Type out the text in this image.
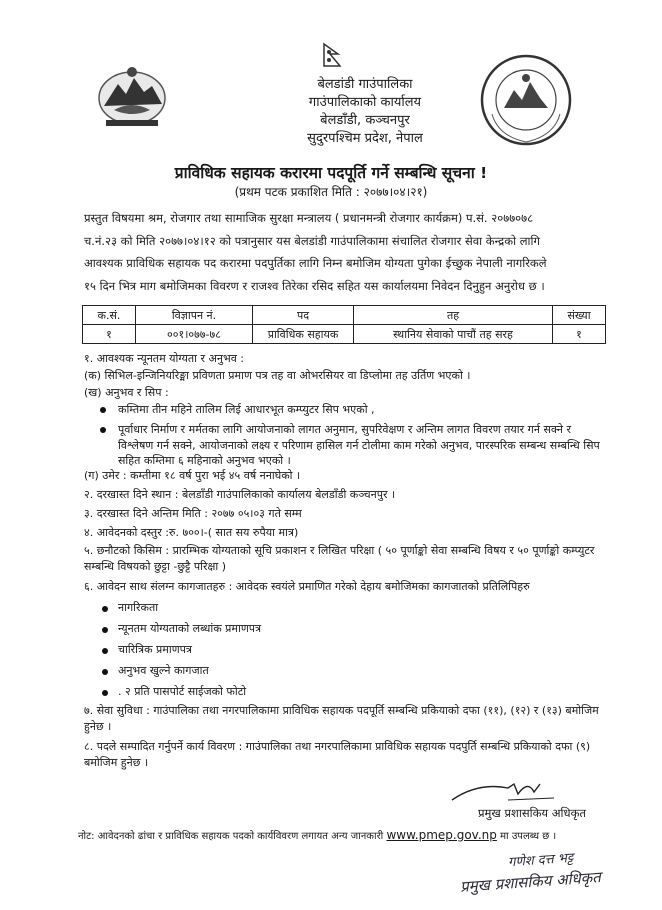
बेलडांडी गाउंपालिका
गाउंपालिकाको कार्यालय
बेलडाँडी, कञ्चनपुर
सुदुरपश्चिम प्रदेश, नेपाल
प्राविधिक सहायक करारमा पदपूर्ति गर्ने सम्बन्धि सूचना !
(प्रथम पटक प्रकाशित मिति : २०७७।०४।२१)
प्रस्तुत विषयमा श्रम, रोजगार तथा सामाजिक सुरक्षा मन्त्रालय ( प्रधानमन्त्री रोजगार कार्यक्रम) प.सं. २०७७०७८
च.नं.२३ को मिति २०७७।०४।१२ को पत्रानुसार यस बेलडांडी गाउंपालिकामा संचालित रोजगार सेवा केन्द्रको लागि
आवश्यक प्राविधिक सहायक पद करारमा पदपुर्तिका लागि निम्न बमोजिम योग्यता पुगेका ईच्छुक नेपाली नागरिकले
१५ दिन भित्र माग बमोजिमका विवरण र राजश्व तिरेका रसिद सहित यस कार्यालयमा निवेदन दिनुहुन अनुरोध छ ।
क.सं.	विज्ञापन नं.	पद	तह	संख्या
१	००१।०७७-७८	प्राविधिक सहायक	स्थानिय सेवाको पाचौं तह सरह	१
१. आवश्यक न्यूनतम योग्यता र अनुभव :
(क) सिभिल-इन्जिनियरिङ्मा प्रविणता प्रमाण पत्र तह वा ओभरसियर वा डिप्लोमा तह उर्तिण भएको ।
(ख) अनुभव र सिप :
कम्तिमा तीन महिने तालिम लिई आधारभूत कम्प्युटर सिप भएको ,
पूर्वाधार निर्माण र मर्मतका लागि आयोजनाको लागत अनुमान, सुपरिवेक्षण र अन्तिम लागत विवरण तयार गर्न सक्ने र विश्लेषण गर्न सक्ने, आयोजनाको लक्ष्य र परिणाम हासिल गर्न टोलीमा काम गरेको अनुभव, पारस्परिक सम्बन्ध सम्बन्धि सिप सहित कम्तिमा ६ महिनाको अनुभव भएको ।
(ग) उमेर : कम्तीमा १८ वर्ष पुरा भई ४५ वर्ष ननाघेको ।
२. दरखास्त दिने स्थान : बेलडाँडी गाउंपालिकाको कार्यालय बेलडाँडी कञ्चनपुर ।
३. दरखास्त दिने अन्तिम मिति : २०७७ ०५।०३ गते सम्म
४. आवेदनको दस्तुर :रु. ७००।-( सात सय रुपैया मात्र)
५. छनौटको किसिम : प्रारम्भिक योग्यताको सूचि प्रकाशन र लिखित परिक्षा ( ५० पूर्णाङ्को सेवा सम्बन्धि विषय र ५० पूर्णाङ्को कम्प्युटर सम्बन्धि विषयको छुट्टा -छुट्टै परिक्षा )
६. आवेदन साथ संलग्न कागजातहरु : आवेदक स्वयंले प्रमाणित गरेको देहाय बमोजिमका कागजातको प्रतिलिपिहरु
नागरिकता
न्यूनतम योग्यताको लब्धांक प्रमाणपत्र
चारित्रिक प्रमाणपत्र
अनुभव खुल्ने कागजात
. २ प्रति पासपोर्ट साईजको फोटो
७. सेवा सुविधा : गाउंपालिका तथा नगरपालिकामा प्राविधिक सहायक पदपूर्ति सम्बन्धि प्रकियाको दफा (११), (१२) र (१३) बमोजिम हुनेछ ।
८. पदले सम्पादित गर्नुपर्ने कार्य विवरण : गाउंपालिका तथा नगरपालिकामा प्राविधिक सहायक पदपुर्ति सम्बन्धि प्रकियाको दफा (९) बमोजिम हुनेछ ।
प्रमुख प्रशासकिय अधिकृत
नोट: आवेदनको ढांचा र प्राविधिक सहायक पदको कार्यविवरण लगायत अन्य जानकारी www.pmep.gov.np मा उपलब्ध छ ।
गणेश दत्त भट्ट
प्रमुख प्रशासकिय अधिकृत
